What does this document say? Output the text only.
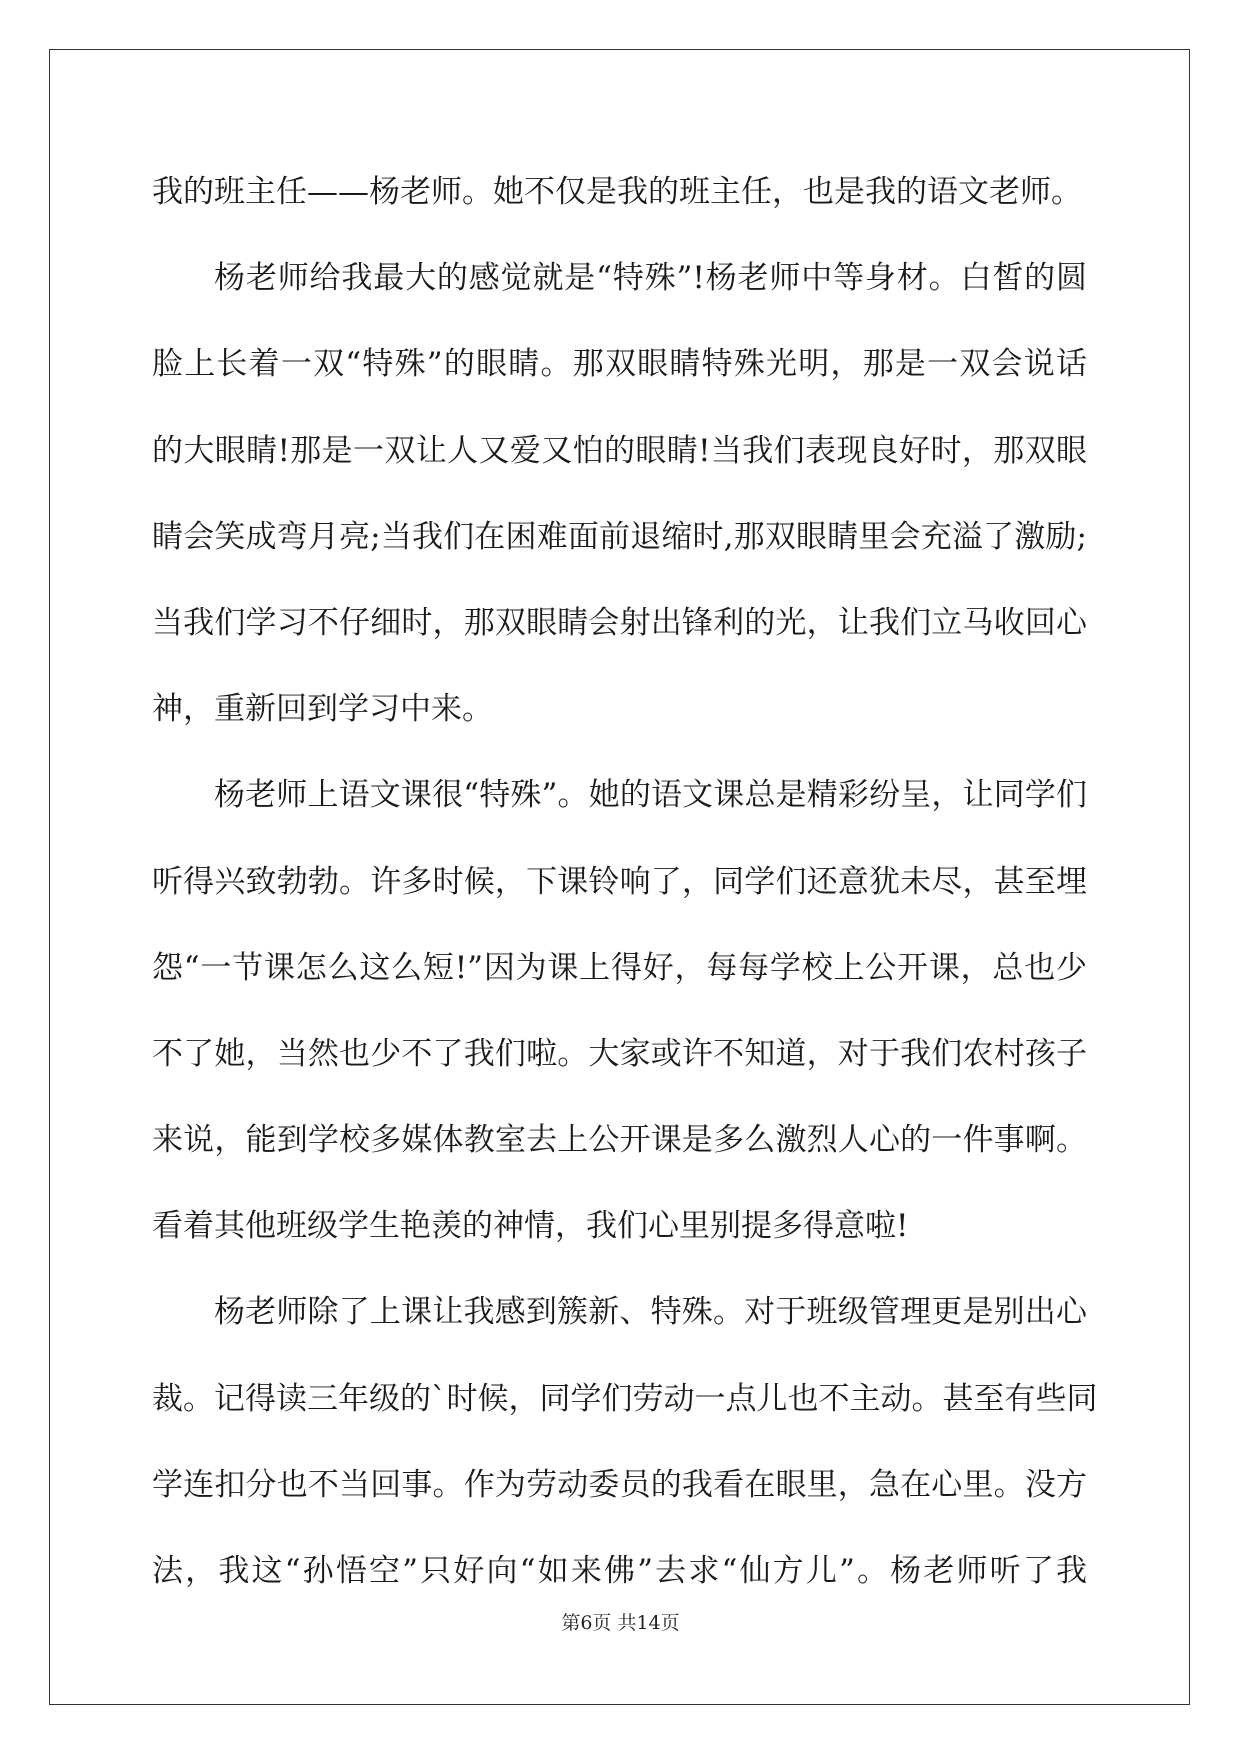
我的班主任——杨老师。她不仅是我的班主任，也是我的语文老师。
杨老师给我最大的感觉就是“特殊”!杨老师中等身材。白皙的圆
脸上长着一双“特殊”的眼睛。那双眼睛特殊光明，那是一双会说话
的大眼睛!那是一双让人又爱又怕的眼睛!当我们表现良好时，那双眼
睛会笑成弯月亮;当我们在困难面前退缩时,那双眼睛里会充溢了激励;
当我们学习不仔细时，那双眼睛会射出锋利的光，让我们立马收回心
神，重新回到学习中来。
杨老师上语文课很“特殊”。她的语文课总是精彩纷呈，让同学们
听得兴致勃勃。许多时候，下课铃响了，同学们还意犹未尽，甚至埋
怨“一节课怎么这么短!”因为课上得好，每每学校上公开课，总也少
不了她，当然也少不了我们啦。大家或许不知道，对于我们农村孩子
来说，能到学校多媒体教室去上公开课是多么激烈人心的一件事啊。
看着其他班级学生艳羡的神情，我们心里别提多得意啦!
杨老师除了上课让我感到簇新、特殊。对于班级管理更是别出心
裁。记得读三年级的`时候，同学们劳动一点儿也不主动。甚至有些同
学连扣分也不当回事。作为劳动委员的我看在眼里，急在心里。没方
法，我这“孙悟空”只好向“如来佛”去求“仙方儿”。杨老师听了我
第6页 共14页
